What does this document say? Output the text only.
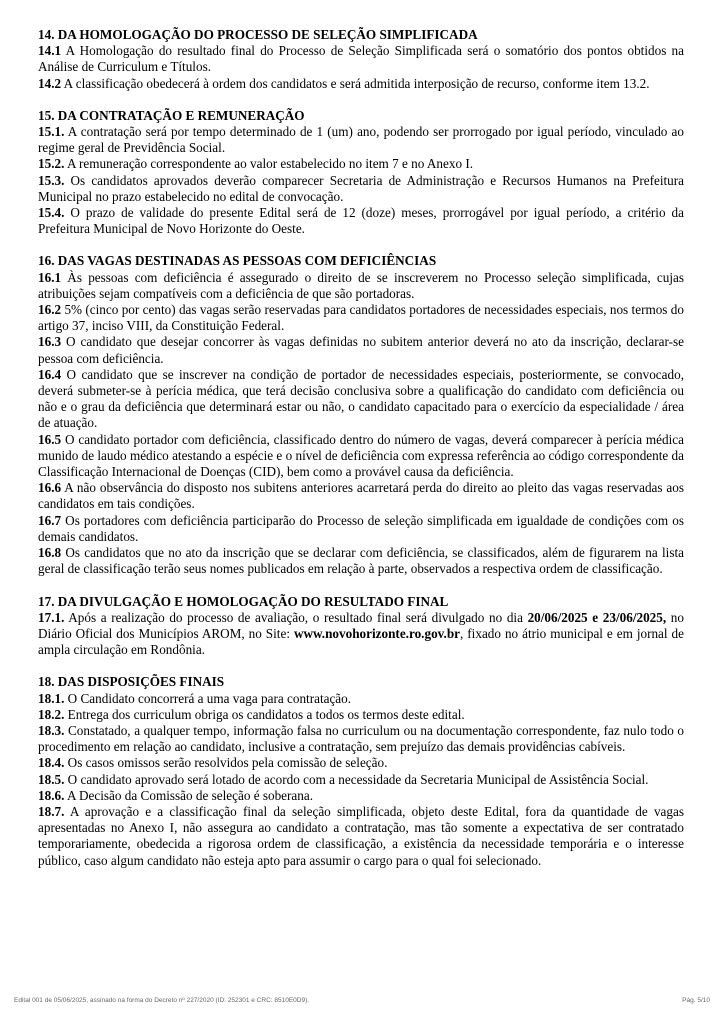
14. DA HOMOLOGAÇÃO DO PROCESSO DE SELEÇÃO SIMPLIFICADA

14.1 A Homologação do resultado final do Processo de Seleção Simplificada será o somatório dos pontos obtidos na Análise de Curriculum e Títulos.

14.2 A classificação obedecerá à ordem dos candidatos e será admitida interposição de recurso, conforme item 13.2.

15. DA CONTRATAÇÃO E REMUNERAÇÃO

15.1. A contratação será por tempo determinado de 1 (um) ano, podendo ser prorrogado por igual período, vinculado ao regime geral de Previdência Social.

15.2. A remuneração correspondente ao valor estabelecido no item 7 e no Anexo I.

15.3. Os candidatos aprovados deverão comparecer Secretaria de Administração e Recursos Humanos na Prefeitura Municipal no prazo estabelecido no edital de convocação.

15.4. O prazo de validade do presente Edital será de 12 (doze) meses, prorrogável por igual período, a critério da Prefeitura Municipal de Novo Horizonte do Oeste.

16. DAS VAGAS DESTINADAS AS PESSOAS COM DEFICIÊNCIAS

16.1 Às pessoas com deficiência é assegurado o direito de se inscreverem no Processo seleção simplificada, cujas atribuições sejam compatíveis com a deficiência de que são portadoras.

16.2 5% (cinco por cento) das vagas serão reservadas para candidatos portadores de necessidades especiais, nos termos do artigo 37, inciso VIII, da Constituição Federal.

16.3 O candidato que desejar concorrer às vagas definidas no subitem anterior deverá no ato da inscrição, declarar-se pessoa com deficiência.

16.4 O candidato que se inscrever na condição de portador de necessidades especiais, posteriormente, se convocado, deverá submeter-se à perícia médica, que terá decisão conclusiva sobre a qualificação do candidato com deficiência ou não e o grau da deficiência que determinará estar ou não, o candidato capacitado para o exercício da especialidade / área de atuação.

16.5 O candidato portador com deficiência, classificado dentro do número de vagas, deverá comparecer à perícia médica munido de laudo médico atestando a espécie e o nível de deficiência com expressa referência ao código correspondente da Classificação Internacional de Doenças (CID), bem como a provável causa da deficiência.

16.6 A não observância do disposto nos subitens anteriores acarretará perda do direito ao pleito das vagas reservadas aos candidatos em tais condições.

16.7 Os portadores com deficiência participarão do Processo de seleção simplificada em igualdade de condições com os demais candidatos.

16.8 Os candidatos que no ato da inscrição que se declarar com deficiência, se classificados, além de figurarem na lista geral de classificação terão seus nomes publicados em relação à parte, observados a respectiva ordem de classificação.

17. DA DIVULGAÇÃO E HOMOLOGAÇÃO DO RESULTADO FINAL

17.1. Após a realização do processo de avaliação, o resultado final será divulgado no dia 20/06/2025 e 23/06/2025, no Diário Oficial dos Municípios AROM, no Site: www.novohorizonte.ro.gov.br, fixado no átrio municipal e em jornal de ampla circulação em Rondônia.

18. DAS DISPOSIÇÕES FINAIS

18.1. O Candidato concorrerá a uma vaga para contratação.

18.2. Entrega dos curriculum obriga os candidatos a todos os termos deste edital.

18.3. Constatado, a qualquer tempo, informação falsa no curriculum ou na documentação correspondente, faz nulo todo o procedimento em relação ao candidato, inclusive a contratação, sem prejuízo das demais providências cabíveis.

18.4. Os casos omissos serão resolvidos pela comissão de seleção.

18.5. O candidato aprovado será lotado de acordo com a necessidade da Secretaria Municipal de Assistência Social.

18.6. A Decisão da Comissão de seleção é soberana.

18.7. A aprovação e a classificação final da seleção simplificada, objeto deste Edital, fora da quantidade de vagas apresentadas no Anexo I, não assegura ao candidato a contratação, mas tão somente a expectativa de ser contratado temporariamente, obedecida a rigorosa ordem de classificação, a existência da necessidade temporária e o interesse público, caso algum candidato não esteja apto para assumir o cargo para o qual foi selecionado.

Edital 001 de 05/06/2025, assinado na forma do Decreto nº 227/2020 (ID: 252301 e CRC: 8510E0D9).	Pág. 5/10
